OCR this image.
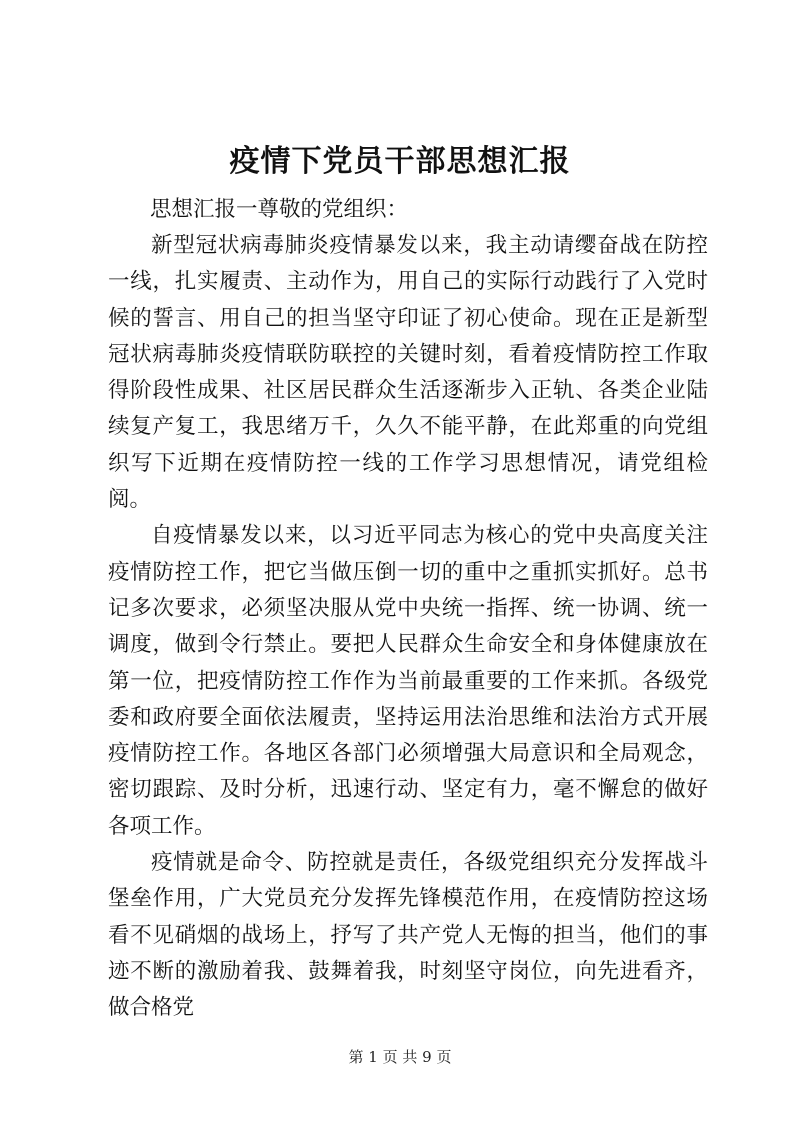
疫情下党员干部思想汇报

思想汇报一尊敬的党组织：

新型冠状病毒肺炎疫情暴发以来，我主动请缨奋战在防控一线，扎实履责、主动作为，用自己的实际行动践行了入党时候的誓言、用自己的担当坚守印证了初心使命。现在正是新型冠状病毒肺炎疫情联防联控的关键时刻，看着疫情防控工作取得阶段性成果、社区居民群众生活逐渐步入正轨、各类企业陆续复产复工，我思绪万千，久久不能平静，在此郑重的向党组织写下近期在疫情防控一线的工作学习思想情况，请党组检阅。

自疫情暴发以来，以习近平同志为核心的党中央高度关注疫情防控工作，把它当做压倒一切的重中之重抓实抓好。总书记多次要求，必须坚决服从党中央统一指挥、统一协调、统一调度，做到令行禁止。要把人民群众生命安全和身体健康放在第一位，把疫情防控工作作为当前最重要的工作来抓。各级党委和政府要全面依法履责，坚持运用法治思维和法治方式开展疫情防控工作。各地区各部门必须增强大局意识和全局观念，密切跟踪、及时分析，迅速行动、坚定有力，毫不懈怠的做好各项工作。

疫情就是命令、防控就是责任，各级党组织充分发挥战斗堡垒作用，广大党员充分发挥先锋模范作用，在疫情防控这场看不见硝烟的战场上，抒写了共产党人无悔的担当，他们的事迹不断的激励着我、鼓舞着我，时刻坚守岗位，向先进看齐，做合格党

第 1 页 共 9 页
